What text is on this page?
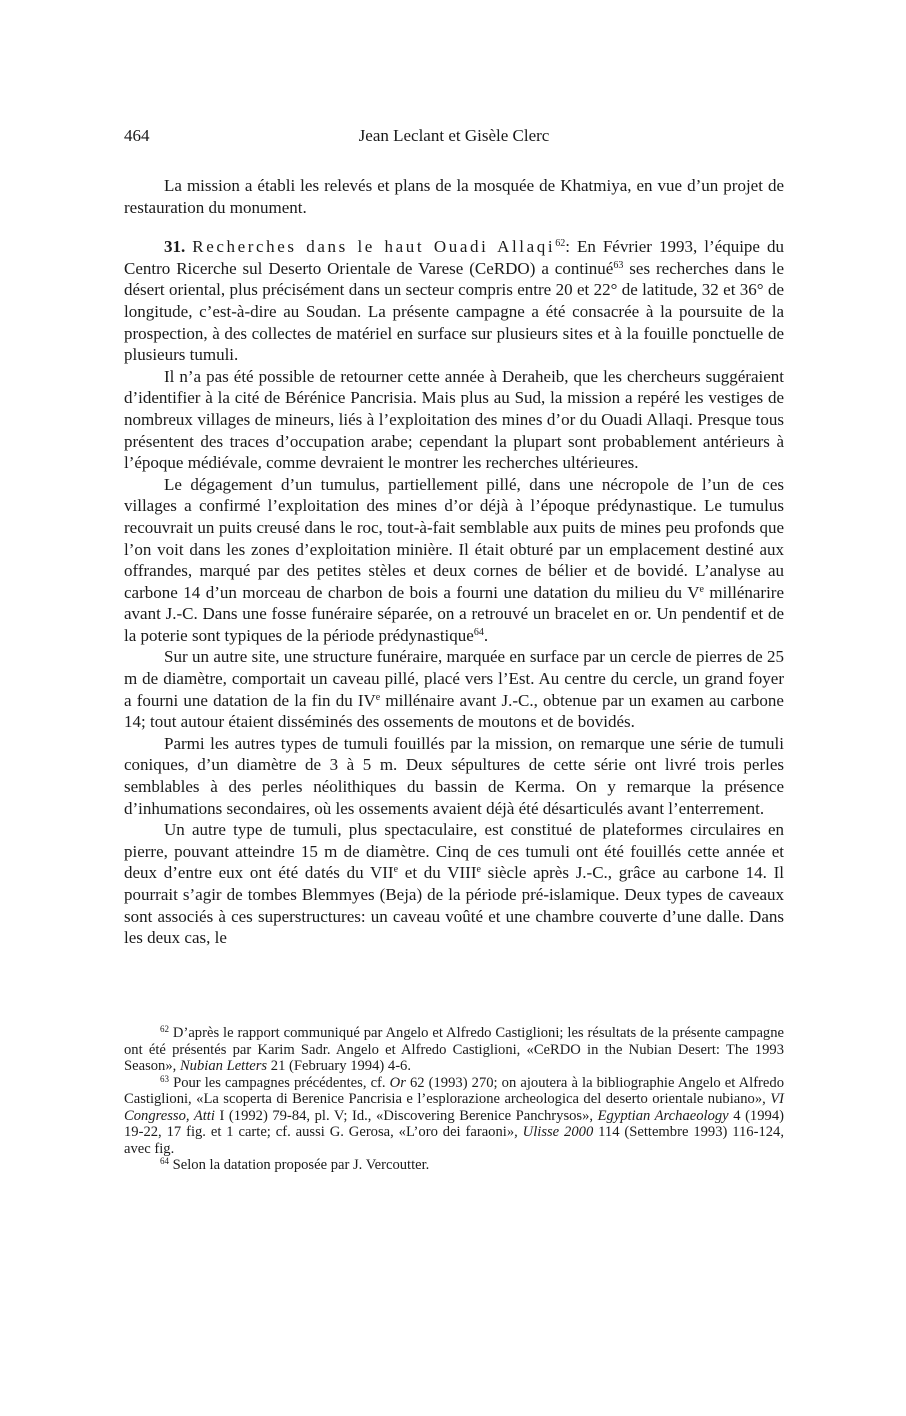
464	Jean Leclant et Gisèle Clerc

La mission a établi les relevés et plans de la mosquée de Khatmiya, en vue d’un projet de restauration du monument.

31. Recherches dans le haut Ouadi Allaqi$^{62}$: En Février 1993, l’équipe du Centro Ricerche sul Deserto Orientale de Varese (CeRDO) a continué$^{63}$ ses recherches dans le désert oriental, plus précisément dans un secteur compris entre 20 et 22° de latitude, 32 et 36° de longitude, c’est-à-dire au Soudan. La présente campagne a été consacrée à la poursuite de la prospection, à des collectes de matériel en surface sur plusieurs sites et à la fouille ponctuelle de plusieurs tumuli.

Il n’a pas été possible de retourner cette année à Deraheib, que les chercheurs suggéraient d’identifier à la cité de Bérénice Pancrisia. Mais plus au Sud, la mission a repéré les vestiges de nombreux villages de mineurs, liés à l’exploitation des mines d’or du Ouadi Allaqi. Presque tous présentent des traces d’occupation arabe; cependant la plupart sont probablement antérieurs à l’époque médiévale, comme devraient le montrer les recherches ultérieures.

Le dégagement d’un tumulus, partiellement pillé, dans une nécropole de l’un de ces villages a confirmé l’exploitation des mines d’or déjà à l’époque prédynastique. Le tumulus recouvrait un puits creusé dans le roc, tout-à-fait semblable aux puits de mines peu profonds que l’on voit dans les zones d’exploitation minière. Il était obturé par un emplacement destiné aux offrandes, marqué par des petites stèles et deux cornes de bélier et de bovidé. L’analyse au carbone 14 d’un morceau de charbon de bois a fourni une datation du milieu du Ve millénarire avant J.-C. Dans une fosse funéraire séparée, on a retrouvé un bracelet en or. Un pendentif et de la poterie sont typiques de la période prédynastique$^{64}$.

Sur un autre site, une structure funéraire, marquée en surface par un cercle de pierres de 25 m de diamètre, comportait un caveau pillé, placé vers l’Est. Au centre du cercle, un grand foyer a fourni une datation de la fin du IVe millénaire avant J.-C., obtenue par un examen au carbone 14; tout autour étaient disséminés des ossements de moutons et de bovidés.

Parmi les autres types de tumuli fouillés par la mission, on remarque une série de tumuli coniques, d’un diamètre de 3 à 5 m. Deux sépultures de cette série ont livré trois perles semblables à des perles néolithiques du bassin de Kerma. On y remarque la présence d’inhumations secondaires, où les ossements avaient déjà été désarticulés avant l’enterrement.

Un autre type de tumuli, plus spectaculaire, est constitué de plateformes circulaires en pierre, pouvant atteindre 15 m de diamètre. Cinq de ces tumuli ont été fouillés cette année et deux d’entre eux ont été datés du VIIe et du VIIIe siècle après J.-C., grâce au carbone 14. Il pourrait s’agir de tombes Blemmyes (Beja) de la période pré-islamique. Deux types de caveaux sont associés à ces superstructures: un caveau voûté et une chambre couverte d’une dalle. Dans les deux cas, le

$^{62}$ D’après le rapport communiqué par Angelo et Alfredo Castiglioni; les résultats de la présente campagne ont été présentés par Karim Sadr. Angelo et Alfredo Castiglioni, «CeRDO in the Nubian Desert: The 1993 Season», Nubian Letters 21 (February 1994) 4-6.

$^{63}$ Pour les campagnes précédentes, cf. Or 62 (1993) 270; on ajoutera à la bibliographie Angelo et Alfredo Castiglioni, «La scoperta di Berenice Pancrisia e l’esplorazione archeologica del deserto orientale nubiano», VI Congresso, Atti I (1992) 79-84, pl. V; Id., «Discovering Berenice Panchrysos», Egyptian Archaeology 4 (1994) 19-22, 17 fig. et 1 carte; cf. aussi G. Gerosa, «L’oro dei faraoni», Ulisse 2000 114 (Settembre 1993) 116-124, avec fig.

$^{64}$ Selon la datation proposée par J. Vercoutter.
